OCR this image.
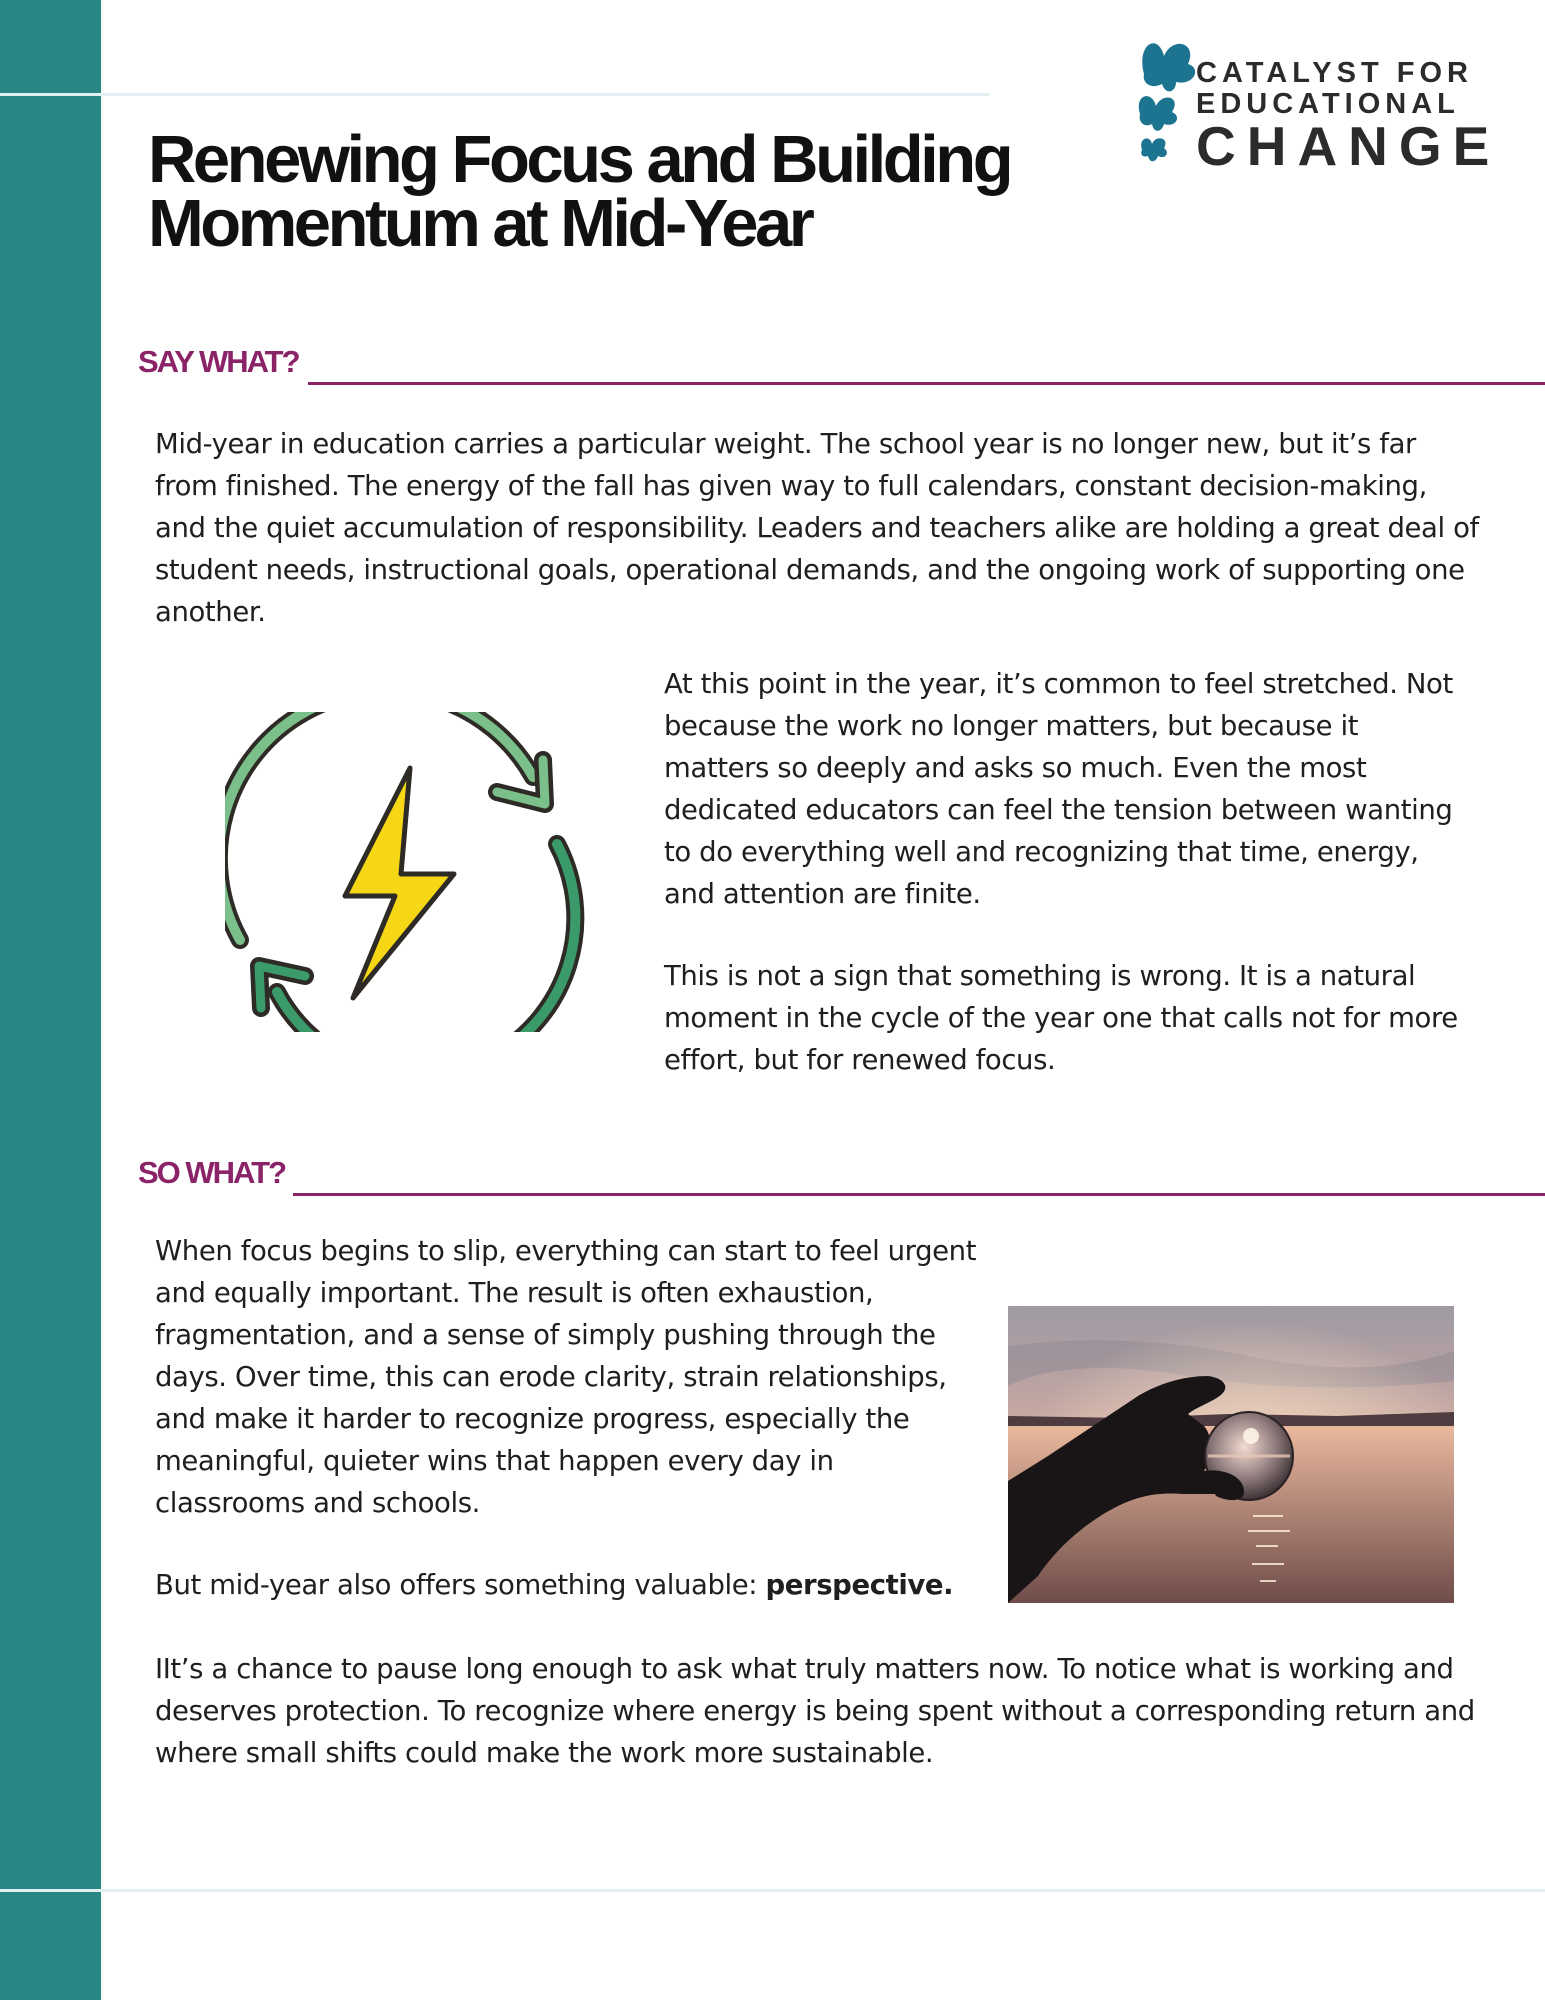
CATALYST FOR
EDUCATIONAL
CHANGE
Renewing Focus and Building
Momentum at Mid-Year
SAY WHAT?

Mid-year in education carries a particular weight. The school year is no longer new, but it’s far from finished. The energy of the fall has given way to full calendars, constant decision-making, and the quiet accumulation of responsibility. Leaders and teachers alike are holding a great deal of student needs, instructional goals, operational demands, and the ongoing work of supporting one another.

At this point in the year, it’s common to feel stretched. Not because the work no longer matters, but because it matters so deeply and asks so much. Even the most dedicated educators can feel the tension between wanting to do everything well and recognizing that time, energy, and attention are finite.

This is not a sign that something is wrong. It is a natural moment in the cycle of the year one that calls not for more effort, but for renewed focus.

SO WHAT?

When focus begins to slip, everything can start to feel urgent and equally important. The result is often exhaustion, fragmentation, and a sense of simply pushing through the days. Over time, this can erode clarity, strain relationships, and make it harder to recognize progress, especially the meaningful, quieter wins that happen every day in classrooms and schools.

But mid-year also offers something valuable: perspective.

IIt’s a chance to pause long enough to ask what truly matters now. To notice what is working and deserves protection. To recognize where energy is being spent without a corresponding return and where small shifts could make the work more sustainable.
